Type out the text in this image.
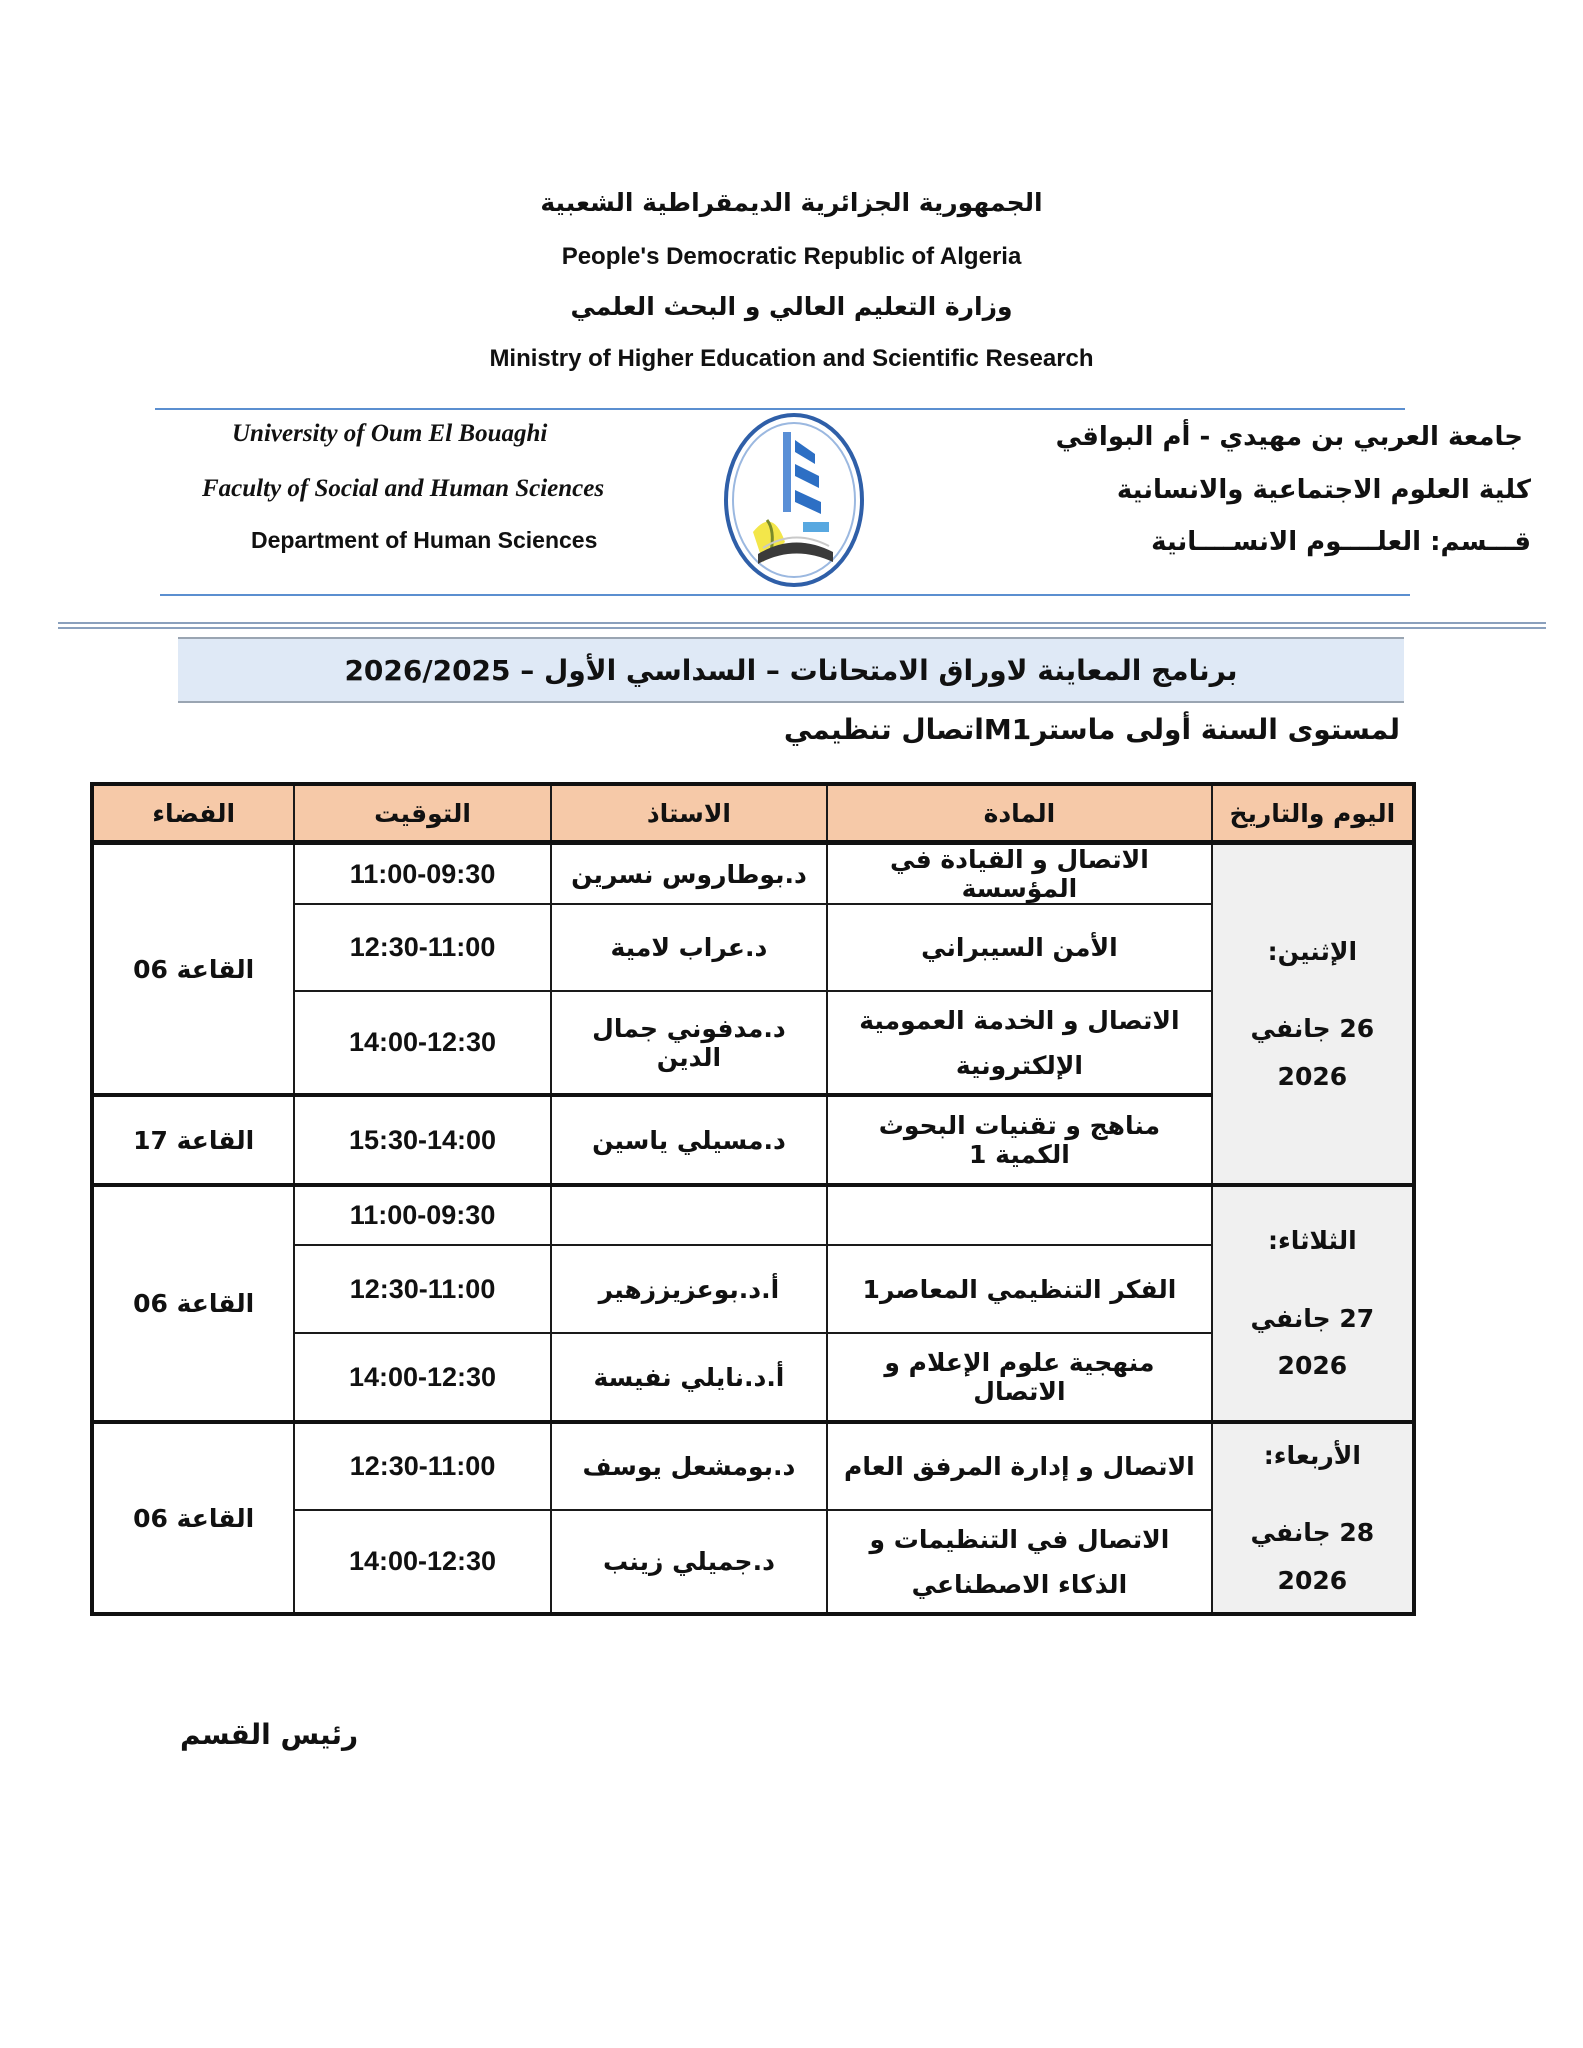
الجمهورية الجزائرية الديمقراطية الشعبية
People's Democratic Republic of Algeria
وزارة التعليم العالي و البحث العلمي
Ministry of Higher Education and Scientific Research
University of Oum El Bouaghi
Faculty of Social and Human Sciences
Department of Human Sciences
جامعة العربي بن مهيدي - أم البواقي
كلية العلوم الاجتماعية والانسانية
قـــسم: العلــــوم الانســــانية
برنامج المعاينة لاوراق الامتحانات – السداسي الأول – 2026/2025
لمستوى السنة أولى ماسترM1اتصال تنظيمي
اليوم والتاريخ	المادة	الاستاذ	التوقيت	الفضاء

الإثنين:
26 جانفي 2026	الاتصال و القيادة في المؤسسة	د.بوطاروس نسرين	11:00-09:30	القاعة 06
	الأمن السيبراني	د.عراب لامية	12:30-11:00	
	الاتصال و الخدمة العمومية الإلكترونية	د.مدفوني جمال الدين	14:00-12:30	
	مناهج و تقنيات البحوث الكمية 1	د.مسيلي ياسين	15:30-14:00	القاعة 17

الثلاثاء:
27 جانفي 2026			11:00-09:30	القاعة 06
	الفكر التنظيمي المعاصر1	أ.د.بوعزيززهير	12:30-11:00	
	منهجية علوم الإعلام و الاتصال	أ.د.نايلي نفيسة	14:00-12:30	

الأربعاء:
28 جانفي 2026	الاتصال و إدارة المرفق العام	د.بومشعل يوسف	12:30-11:00	القاعة 06
	الاتصال في التنظيمات و الذكاء الاصطناعي	د.جميلي زينب	14:00-12:30	
رئيس القسم
